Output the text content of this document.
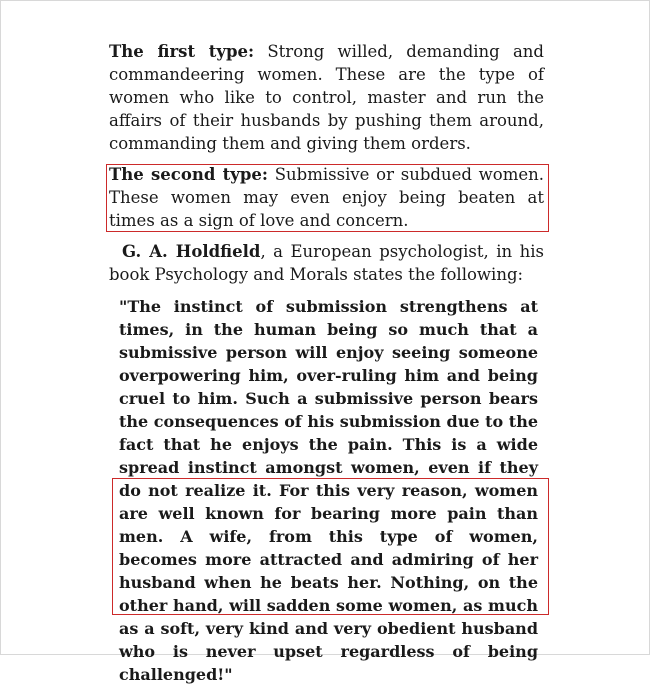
The first type: Strong willed, demanding and commandeering women. These are the type of women who like to control, master and run the affairs of their husbands by pushing them around, commanding them and giving them orders.

The second type: Submissive or subdued women. These women may even enjoy being beaten at times as a sign of love and concern.

G. A. Holdfield, a European psychologist, in his book Psychology and Morals states the following:

"The instinct of submission strengthens at times, in the human being so much that a submissive person will enjoy seeing someone overpowering him, over-ruling him and being cruel to him. Such a submissive person bears the consequences of his submission due to the fact that he enjoys the pain. This is a wide spread instinct amongst women, even if they do not realize it. For this very reason, women are well known for bearing more pain than men. A wife, from this type of women, becomes more attracted and admiring of her husband when he beats her. Nothing, on the other hand, will sadden some women, as much as a soft, very kind and very obedient husband who is never upset regardless of being challenged!"
